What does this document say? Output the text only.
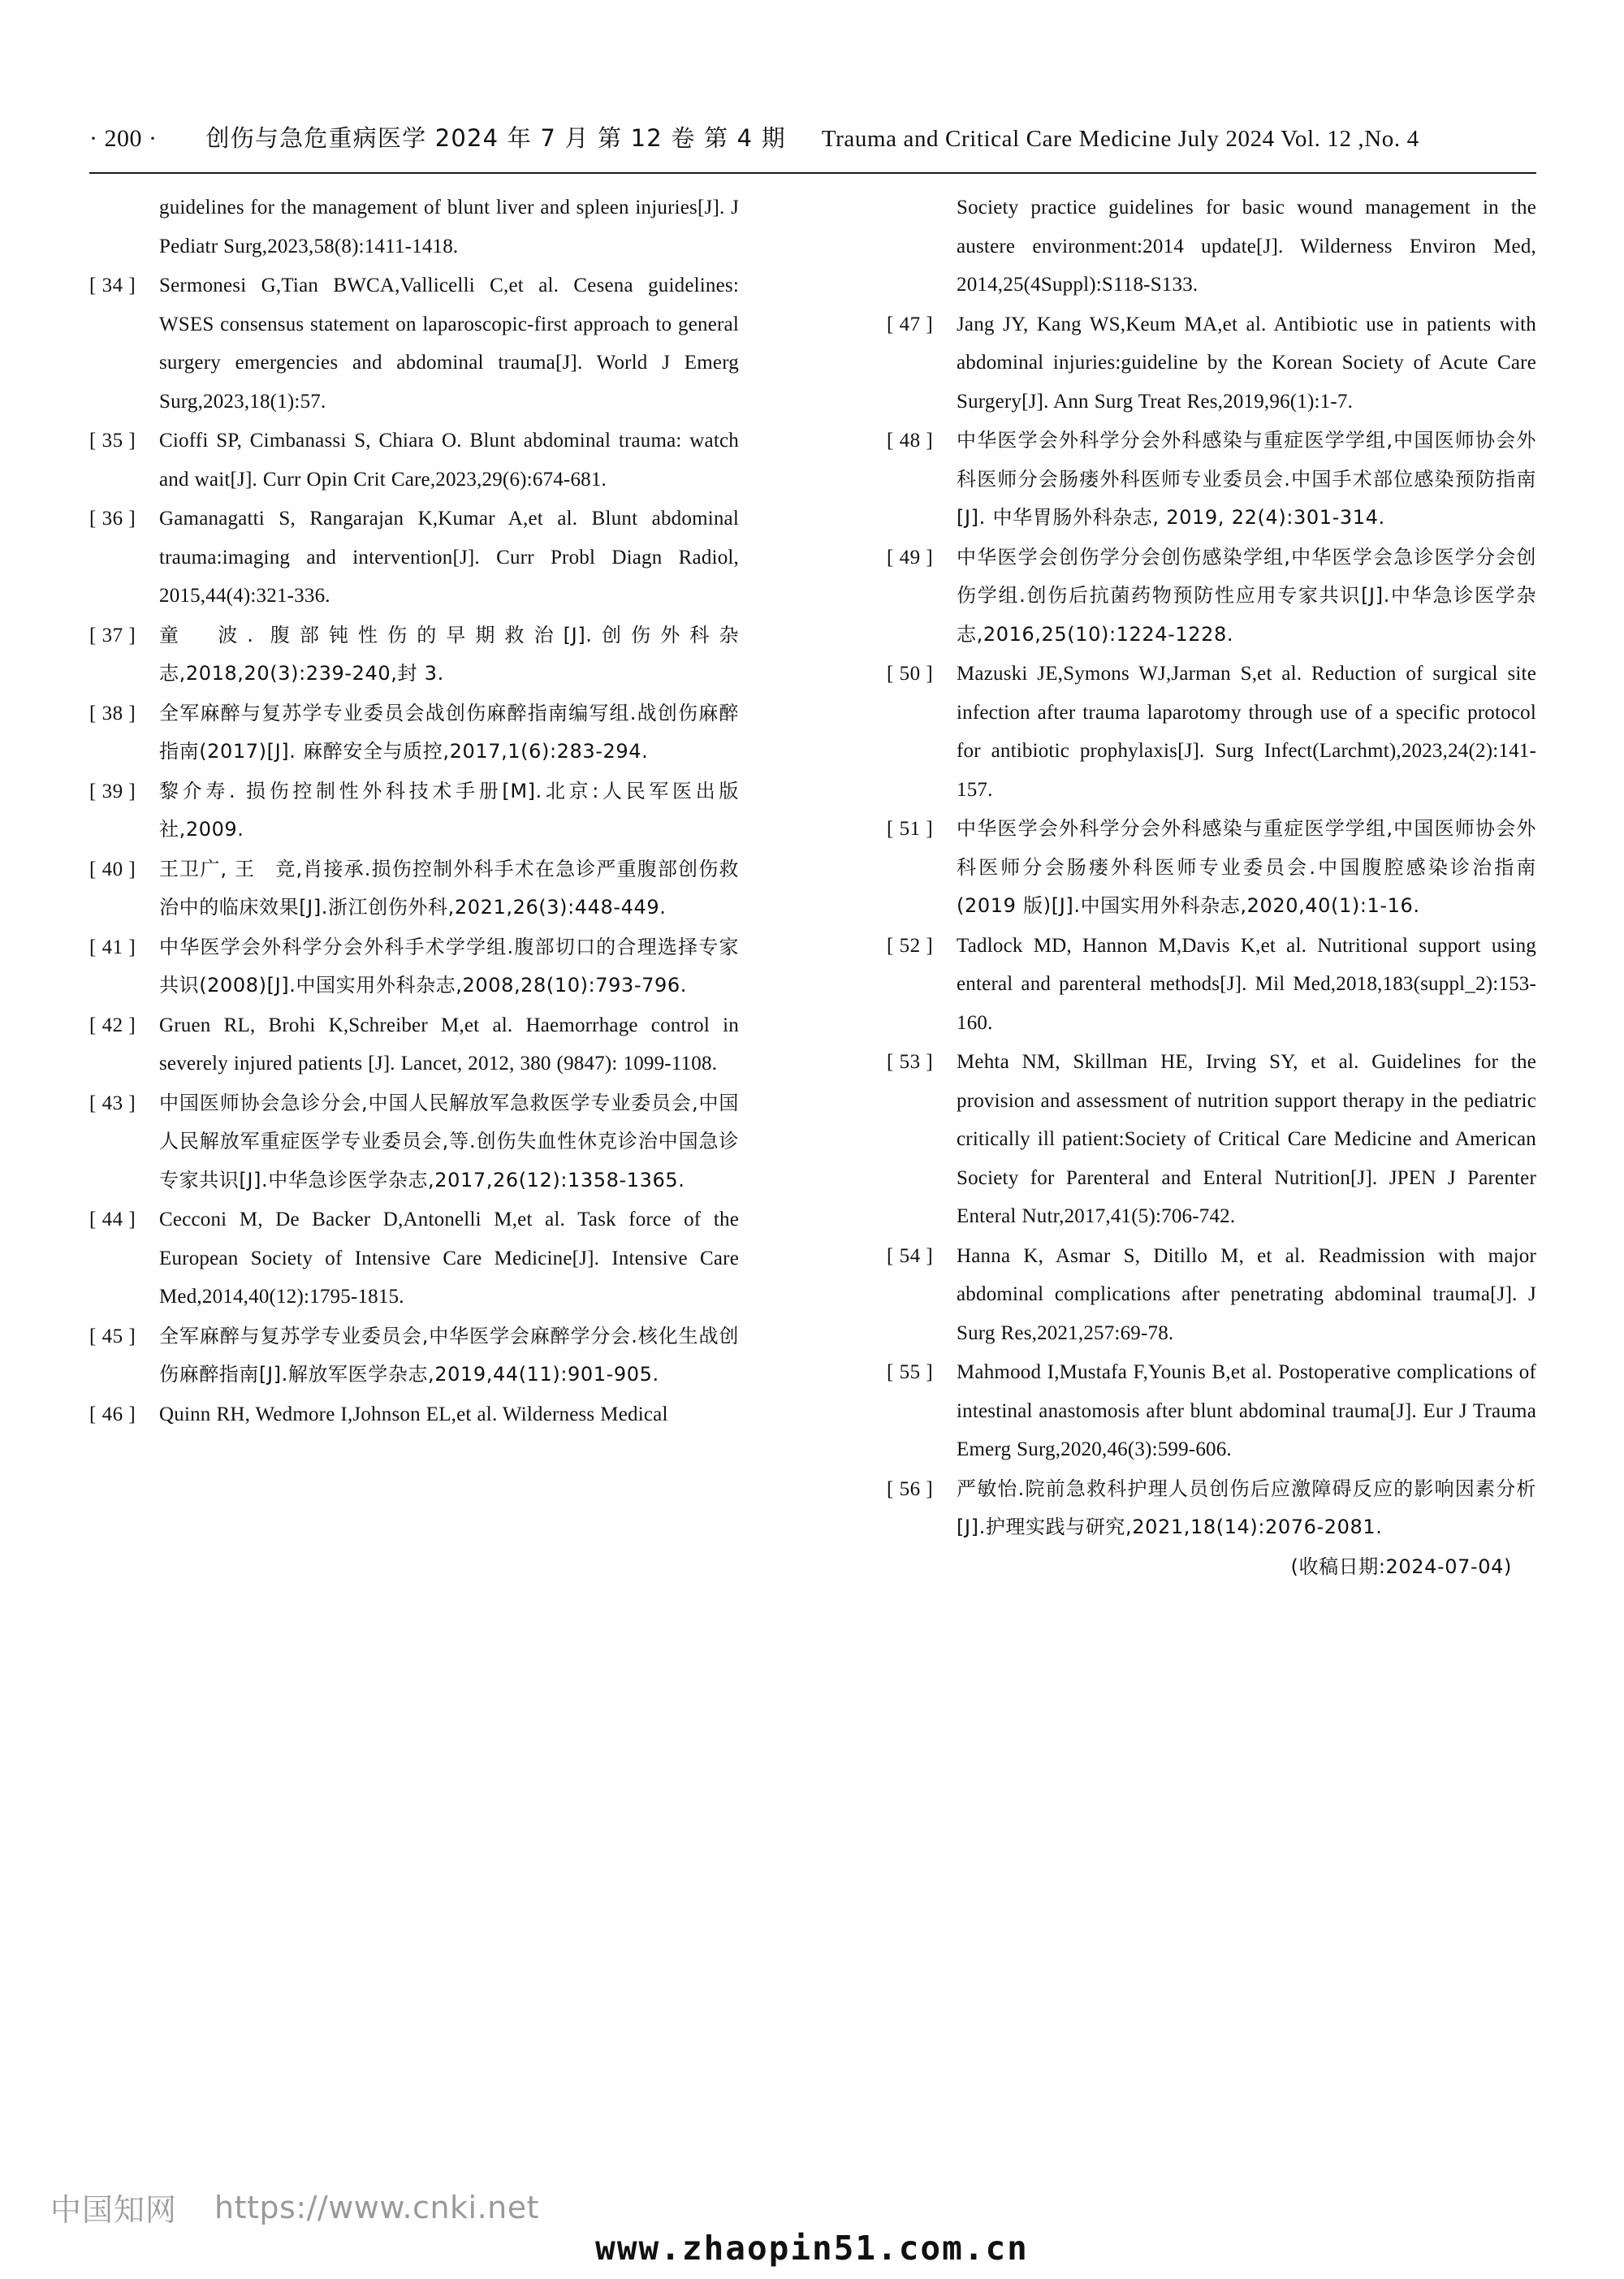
· 200 · 创伤与急危重病医学 2024 年 7 月 第 12 卷 第 4 期 Trauma and Critical Care Medicine July 2024 Vol. 12 ,No. 4
guidelines for the management of blunt liver and spleen injuries[J]. J Pediatr Surg,2023,58(8):1411-1418.
[ 34 ]	Sermonesi G,Tian BWCA,Vallicelli C,et al. Cesena guidelines: WSES consensus statement on laparoscopic-first approach to general surgery emergencies and abdominal trauma[J]. World J Emerg Surg,2023,18(1):57.
[ 35 ]	Cioffi SP, Cimbanassi S, Chiara O. Blunt abdominal trauma: watch and wait[J]. Curr Opin Crit Care,2023,29(6):674-681.
[ 36 ]	Gamanagatti S, Rangarajan K,Kumar A,et al. Blunt abdominal trauma:imaging and intervention[J]. Curr Probl Diagn Radiol, 2015,44(4):321-336.
[ 37 ]	童　波. 腹部钝性伤的早期救治[J].创伤外科杂志,2018,20(3):239-240,封 3.
[ 38 ]	全军麻醉与复苏学专业委员会战创伤麻醉指南编写组.战创伤麻醉指南(2017)[J]. 麻醉安全与质控,2017,1(6):283-294.
[ 39 ]	黎介寿. 损伤控制性外科技术手册[M].北京:人民军医出版社,2009.
[ 40 ]	王卫广, 王　竞,肖接承.损伤控制外科手术在急诊严重腹部创伤救治中的临床效果[J].浙江创伤外科,2021,26(3):448-449.
[ 41 ]	中华医学会外科学分会外科手术学学组.腹部切口的合理选择专家共识(2008)[J].中国实用外科杂志,2008,28(10):793-796.
[ 42 ]	Gruen RL, Brohi K,Schreiber M,et al. Haemorrhage control in severely injured patients [J]. Lancet, 2012, 380 (9847): 1099-1108.
[ 43 ]	中国医师协会急诊分会,中国人民解放军急救医学专业委员会,中国人民解放军重症医学专业委员会,等.创伤失血性休克诊治中国急诊专家共识[J].中华急诊医学杂志,2017,26(12):1358-1365.
[ 44 ]	Cecconi M, De Backer D,Antonelli M,et al. Task force of the European Society of Intensive Care Medicine[J]. Intensive Care Med,2014,40(12):1795-1815.
[ 45 ]	全军麻醉与复苏学专业委员会,中华医学会麻醉学分会.核化生战创伤麻醉指南[J].解放军医学杂志,2019,44(11):901-905.
[ 46 ]	Quinn RH, Wedmore I,Johnson EL,et al. Wilderness Medical
Society practice guidelines for basic wound management in the austere environment:2014 update[J]. Wilderness Environ Med, 2014,25(4Suppl):S118-S133.
[ 47 ]	Jang JY, Kang WS,Keum MA,et al. Antibiotic use in patients with abdominal injuries:guideline by the Korean Society of Acute Care Surgery[J]. Ann Surg Treat Res,2019,96(1):1-7.
[ 48 ]	中华医学会外科学分会外科感染与重症医学学组,中国医师协会外科医师分会肠瘘外科医师专业委员会.中国手术部位感染预防指南[J]. 中华胃肠外科杂志, 2019, 22(4):301-314.
[ 49 ]	中华医学会创伤学分会创伤感染学组,中华医学会急诊医学分会创伤学组.创伤后抗菌药物预防性应用专家共识[J].中华急诊医学杂志,2016,25(10):1224-1228.
[ 50 ]	Mazuski JE,Symons WJ,Jarman S,et al. Reduction of surgical site infection after trauma laparotomy through use of a specific protocol for antibiotic prophylaxis[J]. Surg Infect(Larchmt),2023,24(2):141-157.
[ 51 ]	中华医学会外科学分会外科感染与重症医学学组,中国医师协会外科医师分会肠瘘外科医师专业委员会.中国腹腔感染诊治指南(2019 版)[J].中国实用外科杂志,2020,40(1):1-16.
[ 52 ]	Tadlock MD, Hannon M,Davis K,et al. Nutritional support using enteral and parenteral methods[J]. Mil Med,2018,183(suppl_2):153-160.
[ 53 ]	Mehta NM, Skillman HE, Irving SY, et al. Guidelines for the provision and assessment of nutrition support therapy in the pediatric critically ill patient:Society of Critical Care Medicine and American Society for Parenteral and Enteral Nutrition[J]. JPEN J Parenter Enteral Nutr,2017,41(5):706-742.
[ 54 ]	Hanna K, Asmar S, Ditillo M, et al. Readmission with major abdominal complications after penetrating abdominal trauma[J]. J Surg Res,2021,257:69-78.
[ 55 ]	Mahmood I,Mustafa F,Younis B,et al. Postoperative complications of intestinal anastomosis after blunt abdominal trauma[J]. Eur J Trauma Emerg Surg,2020,46(3):599-606.
[ 56 ]	严敏怡.院前急救科护理人员创伤后应激障碍反应的影响因素分析[J].护理实践与研究,2021,18(14):2076-2081.
(收稿日期:2024-07-04)
中国知网 https://www.cnki.net
www.zhaopin51.com.cn
